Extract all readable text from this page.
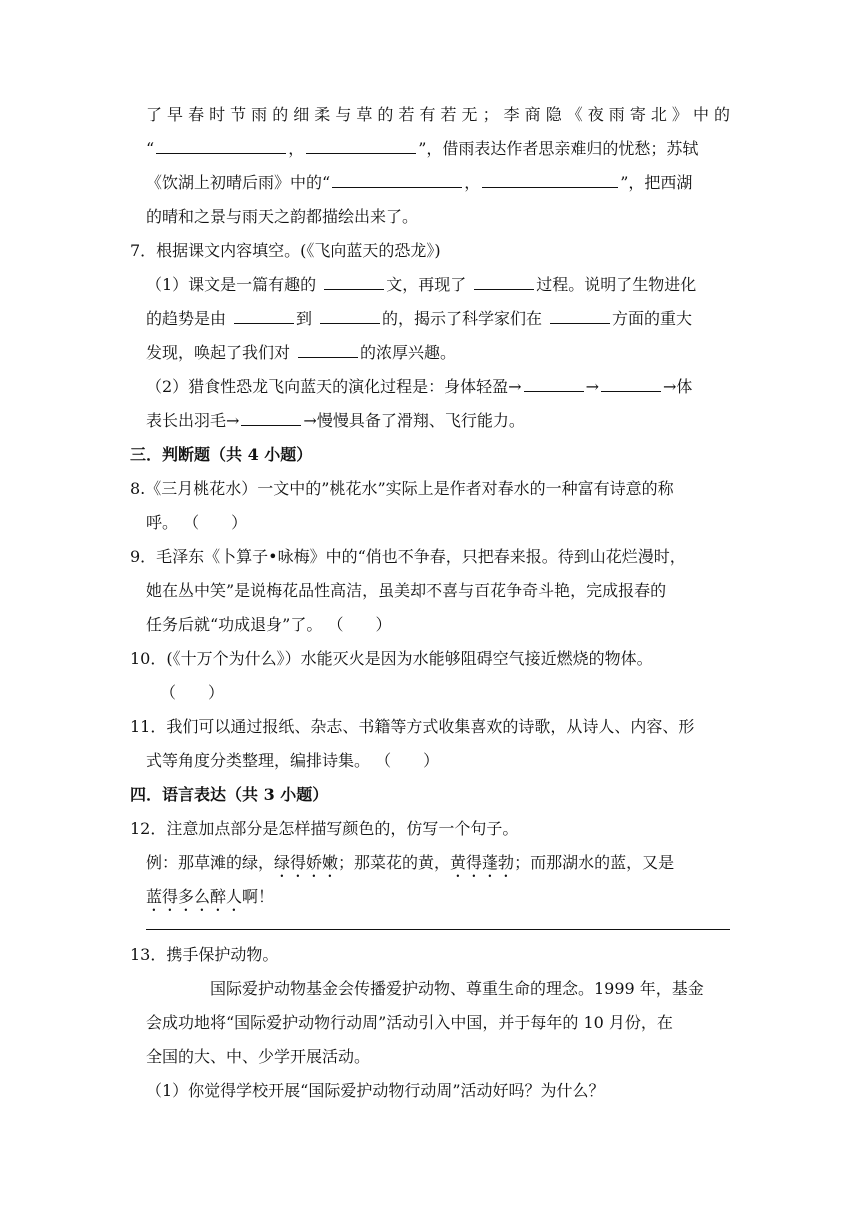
了早春时节雨的细柔与草的若有若无；李商隐《夜雨寄北》中的
“	，	”，借雨表达作者思亲难归的忧愁；苏轼
《饮湖上初晴后雨》中的“	，	”，把西湖
的晴和之景与雨天之韵都描绘出来了。
7．根据课文内容填空。(《飞向蓝天的恐龙》)
（1）课文是一篇有趣的	文，再现了	过程。说明了生物进化
的趋势是由	到	的，揭示了科学家们在	方面的重大
发现，唤起了我们对	的浓厚兴趣。
（2）猎食性恐龙飞向蓝天的演化过程是：身体轻盈→	→	→体
表长出羽毛→	→慢慢具备了滑翔、飞行能力。
三．判断题（共 4 小题）
8.《三月桃花水）一文中的”桃花水”实际上是作者对春水的一种富有诗意的称
呼。 （　　）
9．毛泽东《卜算子•咏梅》中的“俏也不争春，只把春来报。待到山花烂漫时，
她在丛中笑”是说梅花品性高洁，虽美却不喜与百花争奇斗艳，完成报春的
任务后就“功成退身”了。 （　　）
10．(《十万个为什么》）水能灭火是因为水能够阻碍空气接近燃烧的物体。
（　　）
11．我们可以通过报纸、杂志、书籍等方式收集喜欢的诗歌，从诗人、内容、形
式等角度分类整理，编排诗集。 （　　）
四．语言表达（共 3 小题）
12．注意加点部分是怎样描写颜色的，仿写一个句子。
例：那草滩的绿，绿得娇嫩；那菜花的黄，黄得蓬勃；而那湖水的蓝，又是
蓝得多么醉人啊！
13．携手保护动物。
国际爱护动物基金会传播爱护动物、尊重生命的理念。1999 年，基金
会成功地将“国际爱护动物行动周”活动引入中国，并于每年的 10 月份，在
全国的大、中、少学开展活动。
（1）你觉得学校开展“国际爱护动物行动周”活动好吗？为什么？
